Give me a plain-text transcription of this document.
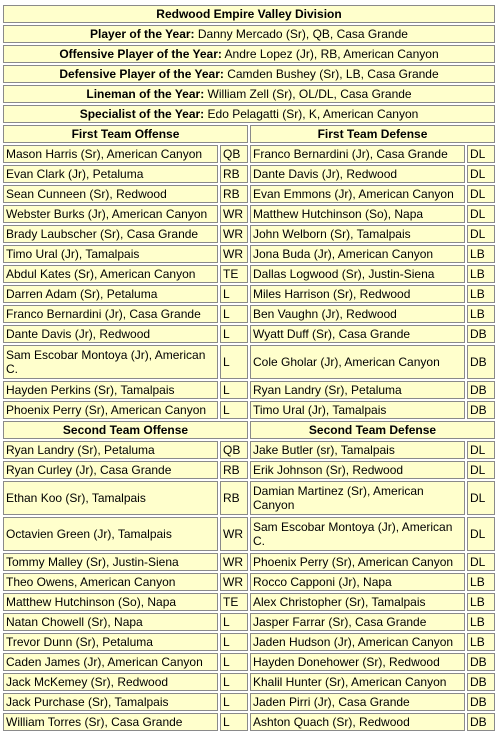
Redwood Empire Valley Division			
Player of the Year: Danny Mercado (Sr), QB, Casa Grande			
Offensive Player of the Year: Andre Lopez (Jr), RB, American Canyon			
Defensive Player of the Year: Camden Bushey (Sr), LB, Casa Grande			
Lineman of the Year: William Zell (Sr), OL/DL, Casa Grande			
Specialist of the Year: Edo Pelagatti (Sr), K, American Canyon			
First Team Offense		First Team Defense	
Mason Harris (Sr), American Canyon	QB	Franco Bernardini (Jr), Casa Grande	DL
Evan Clark (Jr), Petaluma	RB	Dante Davis (Jr), Redwood	DL
Sean Cunneen (Sr), Redwood	RB	Evan Emmons (Jr), American Canyon	DL
Webster Burks (Jr), American Canyon	WR	Matthew Hutchinson (So), Napa	DL
Brady Laubscher (Sr), Casa Grande	WR	John Welborn (Sr), Tamalpais	DL
Timo Ural (Jr), Tamalpais	WR	Jona Buda (Jr), American Canyon	LB
Abdul Kates (Sr), American Canyon	TE	Dallas Logwood (Sr), Justin-Siena	LB
Darren Adam (Sr), Petaluma	L	Miles Harrison (Sr), Redwood	LB
Franco Bernardini (Jr), Casa Grande	L	Ben Vaughn (Jr), Redwood	LB
Dante Davis (Jr), Redwood	L	Wyatt Duff (Sr), Casa Grande	DB
Sam Escobar Montoya (Jr), American C.	L	Cole Gholar (Jr), American Canyon	DB
Hayden Perkins (Sr), Tamalpais	L	Ryan Landry (Sr), Petaluma	DB
Phoenix Perry (Sr), American Canyon	L	Timo Ural (Jr), Tamalpais	DB
Second Team Offense		Second Team Defense	
Ryan Landry (Sr), Petaluma	QB	Jake Butler (sr), Tamalpais	DL
Ryan Curley (Jr), Casa Grande	RB	Erik Johnson (Sr), Redwood	DL
Ethan Koo (Sr), Tamalpais	RB	Damian Martinez (Sr), American Canyon	DL
Octavien Green (Jr), Tamalpais	WR	Sam Escobar Montoya (Jr), American C.	DL
Tommy Malley (Sr), Justin-Siena	WR	Phoenix Perry (Sr), American Canyon	DL
Theo Owens, American Canyon	WR	Rocco Capponi (Jr), Napa	LB
Matthew Hutchinson (So), Napa	TE	Alex Christopher (Sr), Tamalpais	LB
Natan Chowell (Sr), Napa	L	Jasper Farrar (Sr), Casa Grande	LB
Trevor Dunn (Sr), Petaluma	L	Jaden Hudson (Jr), American Canyon	LB
Caden James (Jr), American Canyon	L	Hayden Donehower (Sr), Redwood	DB
Jack McKemey (Sr), Redwood	L	Khalil Hunter (Sr), American Canyon	DB
Jack Purchase (Sr), Tamalpais	L	Jaden Pirri (Jr), Casa Grande	DB
William Torres (Sr), Casa Grande	L	Ashton Quach (Sr), Redwood	DB
